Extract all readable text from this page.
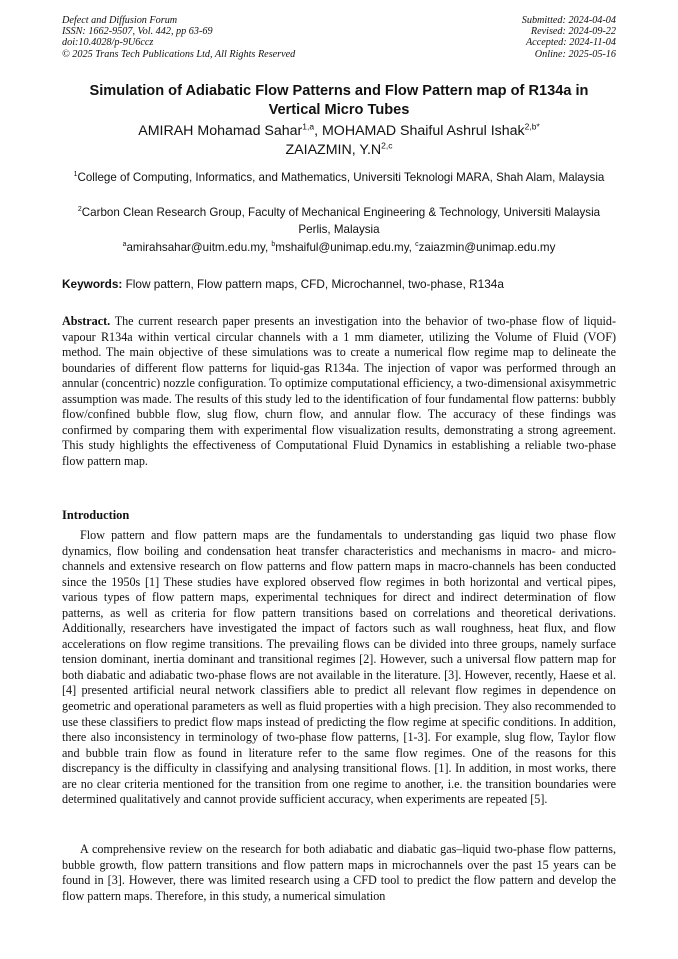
Defect and Diffusion Forum
ISSN: 1662-9507, Vol. 442, pp 63-69
doi:10.4028/p-9U6ccz
© 2025 Trans Tech Publications Ltd, All Rights Reserved
Submitted: 2024-04-04
Revised: 2024-09-22
Accepted: 2024-11-04
Online: 2025-05-16
Simulation of Adiabatic Flow Patterns and Flow Pattern map of R134a in Vertical Micro Tubes
AMIRAH Mohamad Sahar$^{1,a}$, MOHAMAD Shaiful Ashrul Ishak$^{2,b*}$
ZAIAZMIN, $Y.N^{2,c}$
$^1$College of Computing, Informatics, and Mathematics, Universiti Teknologi MARA, Shah Alam, Malaysia
$^2$Carbon Clean Research Group, Faculty of Mechanical Engineering & Technology, Universiti Malaysia Perlis, Malaysia
$^a$amirahsahar@uitm.edu.my, $^b$mshaiful@unimap.edu.my, $^c$zaiazmin@unimap.edu.my
Keywords: Flow pattern, Flow pattern maps, CFD, Microchannel, two-phase, R134a
Abstract. The current research paper presents an investigation into the behavior of two-phase flow of liquid-vapour R134a within vertical circular channels with a 1 mm diameter, utilizing the Volume of Fluid (VOF) method. The main objective of these simulations was to create a numerical flow regime map to delineate the boundaries of different flow patterns for liquid-gas R134a. The injection of vapor was performed through an annular (concentric) nozzle configuration. To optimize computational efficiency, a two-dimensional axisymmetric assumption was made. The results of this study led to the identification of four fundamental flow patterns: bubbly flow/confined bubble flow, slug flow, churn flow, and annular flow. The accuracy of these findings was confirmed by comparing them with experimental flow visualization results, demonstrating a strong agreement. This study highlights the effectiveness of Computational Fluid Dynamics in establishing a reliable two-phase flow pattern map.
Introduction
Flow pattern and flow pattern maps are the fundamentals to understanding gas liquid two phase flow dynamics, flow boiling and condensation heat transfer characteristics and mechanisms in macro- and micro-channels and extensive research on flow patterns and flow pattern maps in macro-channels has been conducted since the 1950s [1] These studies have explored observed flow regimes in both horizontal and vertical pipes, various types of flow pattern maps, experimental techniques for direct and indirect determination of flow patterns, as well as criteria for flow pattern transitions based on correlations and theoretical derivations. Additionally, researchers have investigated the impact of factors such as wall roughness, heat flux, and flow accelerations on flow regime transitions. The prevailing flows can be divided into three groups, namely surface tension dominant, inertia dominant and transitional regimes [2]. However, such a universal flow pattern map for both diabatic and adiabatic two-phase flows are not available in the literature. [3]. However, recently, Haese et al. [4] presented artificial neural network classifiers able to predict all relevant flow regimes in dependence on geometric and operational parameters as well as fluid properties with a high precision. They also recommended to use these classifiers to predict flow maps instead of predicting the flow regime at specific conditions. In addition, there also inconsistency in terminology of two-phase flow patterns, [1-3]. For example, slug flow, Taylor flow and bubble train flow as found in literature refer to the same flow regimes. One of the reasons for this discrepancy is the difficulty in classifying and analysing transitional flows. [1]. In addition, in most works, there are no clear criteria mentioned for the transition from one regime to another, i.e. the transition boundaries were determined qualitatively and cannot provide sufficient accuracy, when experiments are repeated [5].
A comprehensive review on the research for both adiabatic and diabatic gas–liquid two-phase flow patterns, bubble growth, flow pattern transitions and flow pattern maps in microchannels over the past 15 years can be found in [3]. However, there was limited research using a CFD tool to predict the flow pattern and develop the flow pattern maps. Therefore, in this study, a numerical simulation
